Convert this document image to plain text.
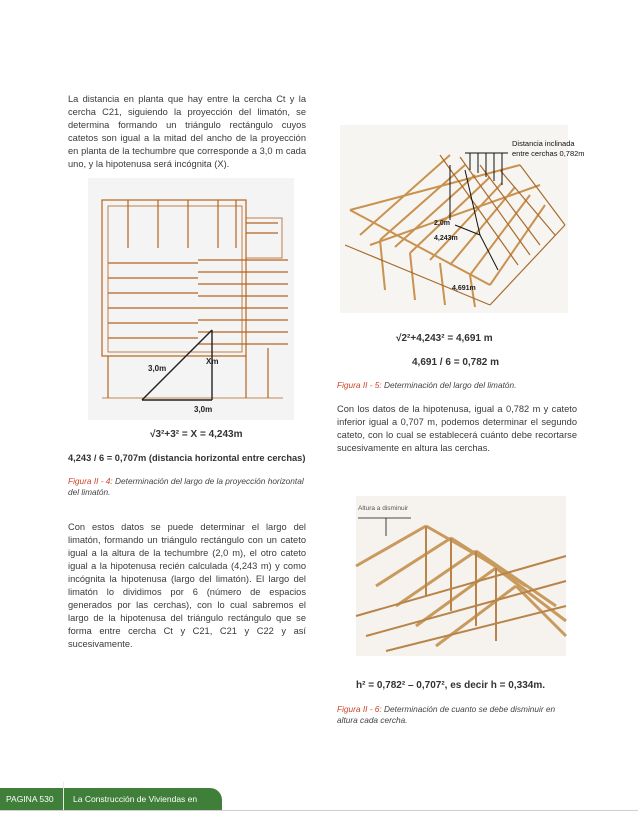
La distancia en planta que hay entre la cercha Ct y la cercha C21, siguiendo la proyección del limatón, se determina formando un triángulo rectángulo cuyos catetos son igual a la mitad del ancho de la proyección en planta de la techumbre que corresponde a 3,0 m cada uno, y la hipotenusa será incógnita (X).

3,0m
3,0m
Xm
√3²+3² = X = 4,243m
4,243 / 6 = 0,707m (distancia horizontal entre cerchas)
Figura II - 4: Determinación del largo de la proyección horizontal del limatón.

Con estos datos se puede determinar el largo del limatón, formando un triángulo rectángulo con un cateto igual a la altura de la techumbre (2,0 m), el otro cateto igual a la hipotenusa recién calculada (4,243 m) y como incógnita la hipotenusa (largo del limatón). El largo del limatón lo dividimos por 6 (número de espacios generados por las cerchas), con lo cual sabremos el largo de la hipotenusa del triángulo rectángulo que se forma entre cercha Ct y C21, C21 y C22 y así sucesivamente.

Distancia inclinada
entre cerchas 0,782m
2,0m
4,243m
4,691m
√2²+4,243² = 4,691 m
4,691 / 6 = 0,782 m
Figura II - 5: Determinación del largo del limatón.

Con los datos de la hipotenusa, igual a 0,782 m y cateto inferior igual a 0,707 m, podemos determinar el segundo cateto, con lo cual se establecerá cuánto debe recortarse sucesivamente en altura las cerchas.

Altura a disminuir
h² = 0,782² – 0,707², es decir h = 0,334m.
Figura II - 6: Determinación de cuanto se debe disminuir en altura cada cercha.
PAGINA 530 La Construcción de Viviendas en Madera
